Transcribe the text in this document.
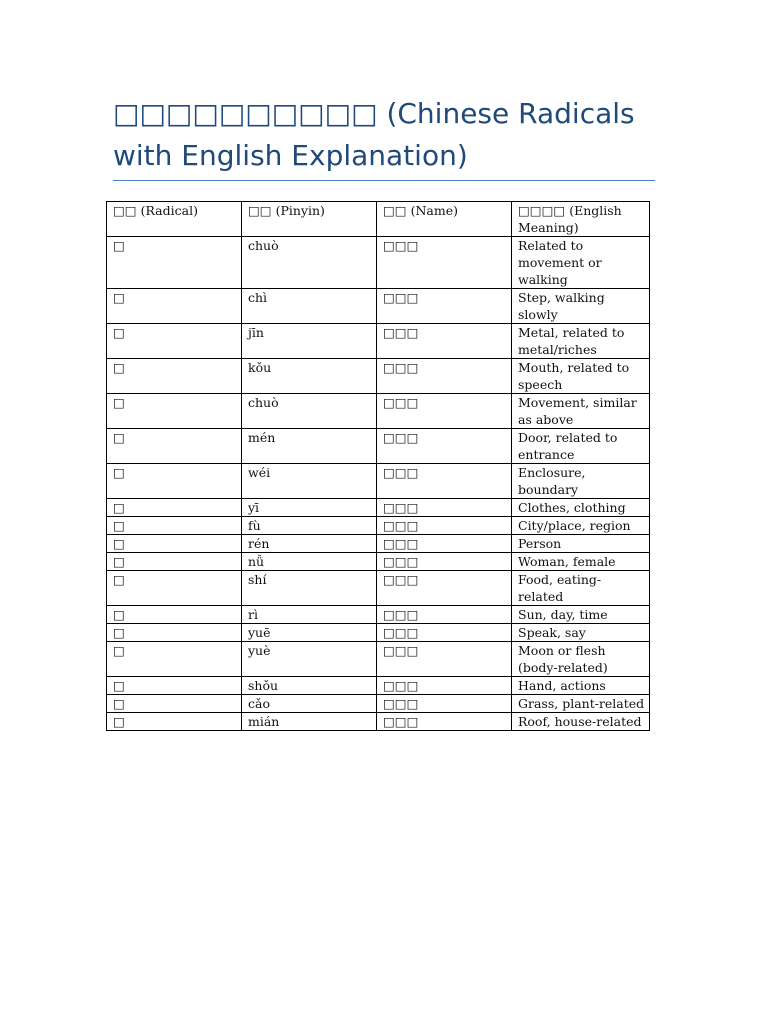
□□□□□□□□□□ (Chinese Radicals with English Explanation)
□□ (Radical)	□□ (Pinyin)	□□ (Name)	□□□□ (English Meaning)
□	chuò	□□□	Related to movement or walking
□	chì	□□□	Step, walking slowly
□	jīn	□□□	Metal, related to metal/riches
□	kǒu	□□□	Mouth, related to speech
□	chuò	□□□	Movement, similar as above
□	mén	□□□	Door, related to entrance
□	wéi	□□□	Enclosure, boundary
□	yī	□□□	Clothes, clothing
□	fù	□□□	City/place, region
□	rén	□□□	Person
□	nǚ	□□□	Woman, female
□	shí	□□□	Food, eating-related
□	rì	□□□	Sun, day, time
□	yuē	□□□	Speak, say
□	yuè	□□□	Moon or flesh (body-related)
□	shǒu	□□□	Hand, actions
□	cǎo	□□□	Grass, plant-related
□	mián	□□□	Roof, house-related
